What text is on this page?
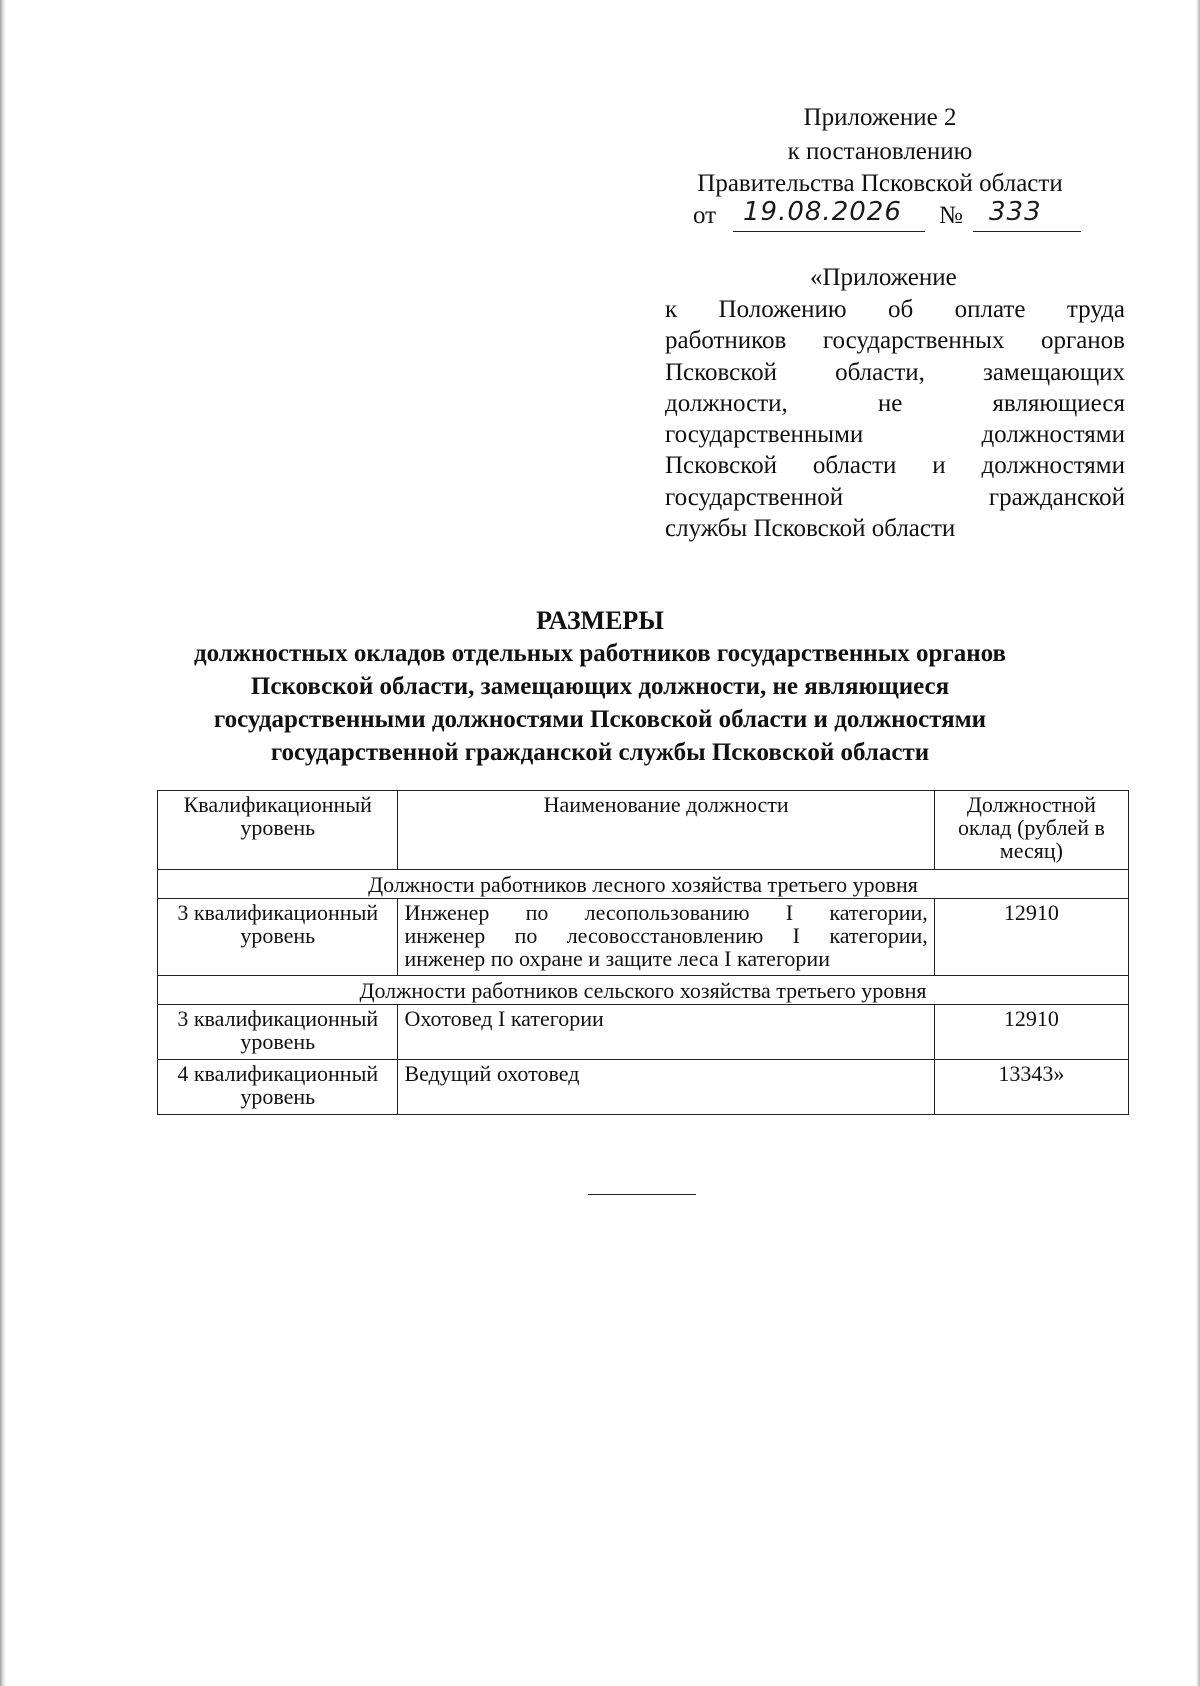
Приложение 2
к постановлению
Правительства Псковской области
от 19.08.2026 № 333
«Приложение
к Положению об оплате труда
работников государственных органов
Псковской области, замещающих
должности, не являющиеся
государственными должностями
Псковской области и должностями
государственной гражданской
службы Псковской области
РАЗМЕРЫ
должностных окладов отдельных работников государственных органов
Псковской области, замещающих должности, не являющиеся
государственными должностями Псковской области и должностями
государственной гражданской службы Псковской области
Квалификационный уровень	Наименование должности	Должностной оклад (рублей в месяц)
Должности работников лесного хозяйства третьего уровня		
3 квалификационный уровень	Инженер по лесопользованию I категории,
инженер по лесовосстановлению I категории,
инженер по охране и защите леса I категории	12910
Должности работников сельского хозяйства третьего уровня		
3 квалификационный уровень	Охотовед I категории	12910
4 квалификационный уровень	Ведущий охотовед	13343»
